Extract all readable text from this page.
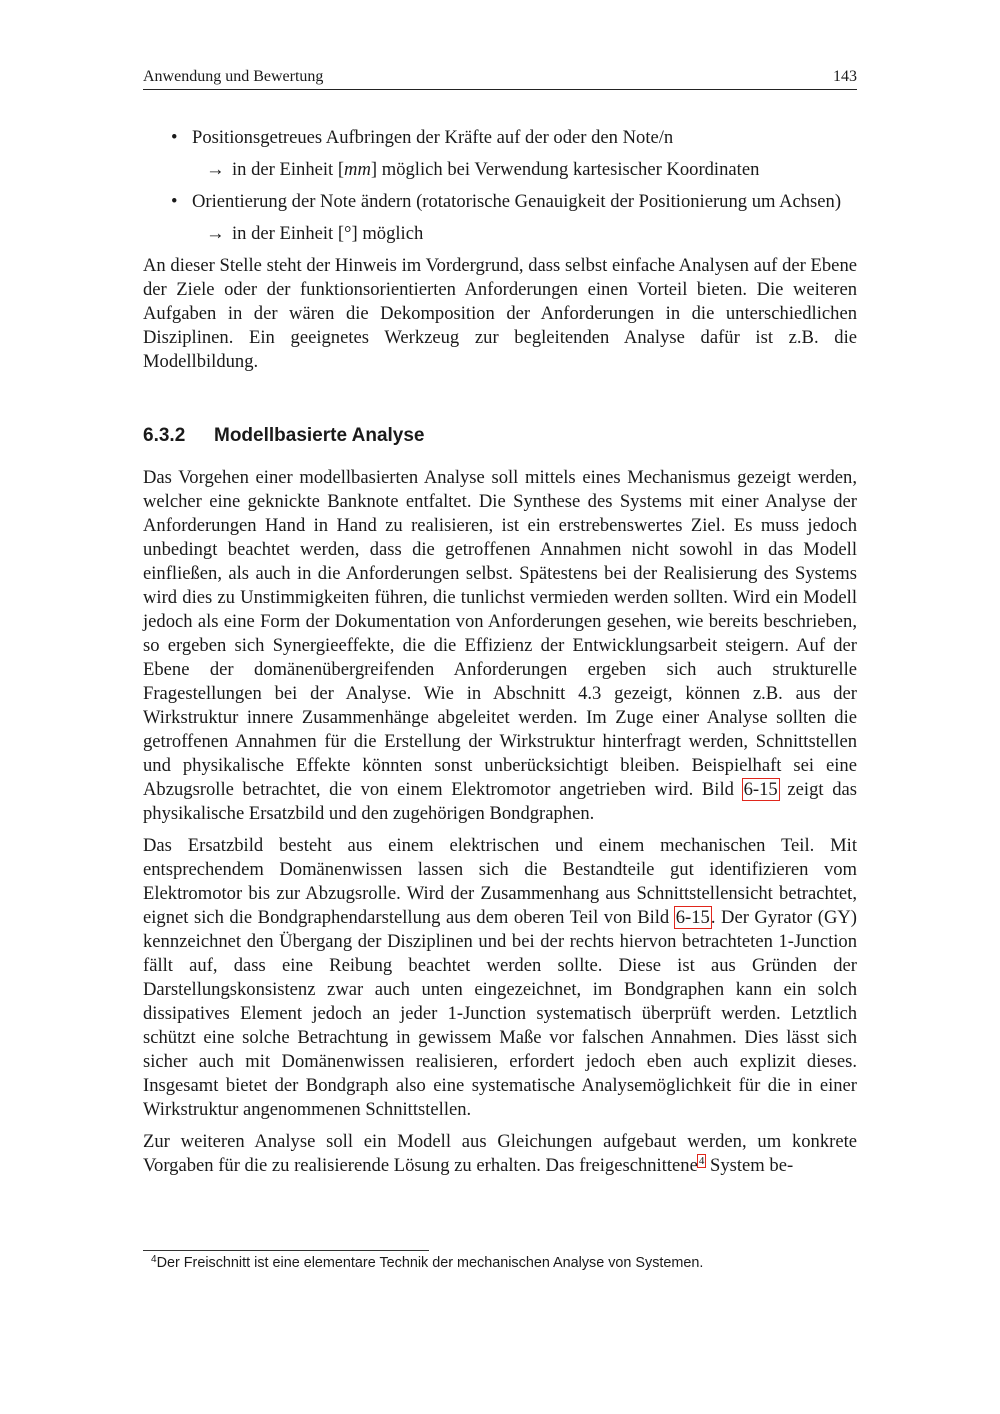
Anwendung und Bewertung	143
• Positionsgetreues Aufbringen der Kräfte auf der oder den Note/n
→ in der Einheit [mm] möglich bei Verwendung kartesischer Koordinaten
• Orientierung der Note ändern (rotatorische Genauigkeit der Positionierung um Achsen)
→ in der Einheit [°] möglich

An dieser Stelle steht der Hinweis im Vordergrund, dass selbst einfache Analysen auf der Ebene der Ziele oder der funktionsorientierten Anforderungen einen Vorteil bieten. Die weiteren Aufgaben in der wären die Dekomposition der Anforderungen in die unterschiedlichen Disziplinen. Ein geeignetes Werkzeug zur begleitenden Analyse dafür ist z.B. die Modellbildung.

6.3.2 Modellbasierte Analyse

Das Vorgehen einer modellbasierten Analyse soll mittels eines Mechanismus gezeigt werden, welcher eine geknickte Banknote entfaltet. Die Synthese des Systems mit einer Analyse der Anforderungen Hand in Hand zu realisieren, ist ein erstrebenswertes Ziel. Es muss jedoch unbedingt beachtet werden, dass die getroffenen Annahmen nicht sowohl in das Modell einfließen, als auch in die Anforderungen selbst. Spätestens bei der Realisierung des Systems wird dies zu Unstimmigkeiten führen, die tunlichst vermieden werden sollten. Wird ein Modell jedoch als eine Form der Dokumentation von Anforderungen gesehen, wie bereits beschrieben, so ergeben sich Synergieeffekte, die die Effizienz der Entwicklungsarbeit steigern. Auf der Ebene der domänenübergreifenden Anforderungen ergeben sich auch strukturelle Fragestellungen bei der Analyse. Wie in Abschnitt 4.3 gezeigt, können z.B. aus der Wirkstruktur innere Zusammenhänge abgeleitet werden. Im Zuge einer Analyse sollten die getroffenen Annahmen für die Erstellung der Wirkstruktur hinterfragt werden, Schnittstellen und physikalische Effekte könnten sonst unberücksichtigt bleiben. Beispielhaft sei eine Abzugsrolle betrachtet, die von einem Elektromotor angetrieben wird. Bild 6-15 zeigt das physikalische Ersatzbild und den zugehörigen Bondgraphen.

Das Ersatzbild besteht aus einem elektrischen und einem mechanischen Teil. Mit entsprechendem Domänenwissen lassen sich die Bestandteile gut identifizieren vom Elektromotor bis zur Abzugsrolle. Wird der Zusammenhang aus Schnittstellensicht betrachtet, eignet sich die Bondgraphendarstellung aus dem oberen Teil von Bild 6-15. Der Gyrator (GY) kennzeichnet den Übergang der Disziplinen und bei der rechts hiervon betrachteten 1-Junction fällt auf, dass eine Reibung beachtet werden sollte. Diese ist aus Gründen der Darstellungskonsistenz zwar auch unten eingezeichnet, im Bondgraphen kann ein solch dissipatives Element jedoch an jeder 1-Junction systematisch überprüft werden. Letztlich schützt eine solche Betrachtung in gewissem Maße vor falschen Annahmen. Dies lässt sich sicher auch mit Domänenwissen realisieren, erfordert jedoch eben auch explizit dieses. Insgesamt bietet der Bondgraph also eine systematische Analysemöglichkeit für die in einer Wirkstruktur angenommenen Schnittstellen.

Zur weiteren Analyse soll ein Modell aus Gleichungen aufgebaut werden, um konkrete Vorgaben für die zu realisierende Lösung zu erhalten. Das freigeschnittene$^4$ System be-

$^4$Der Freischnitt ist eine elementare Technik der mechanischen Analyse von Systemen.
